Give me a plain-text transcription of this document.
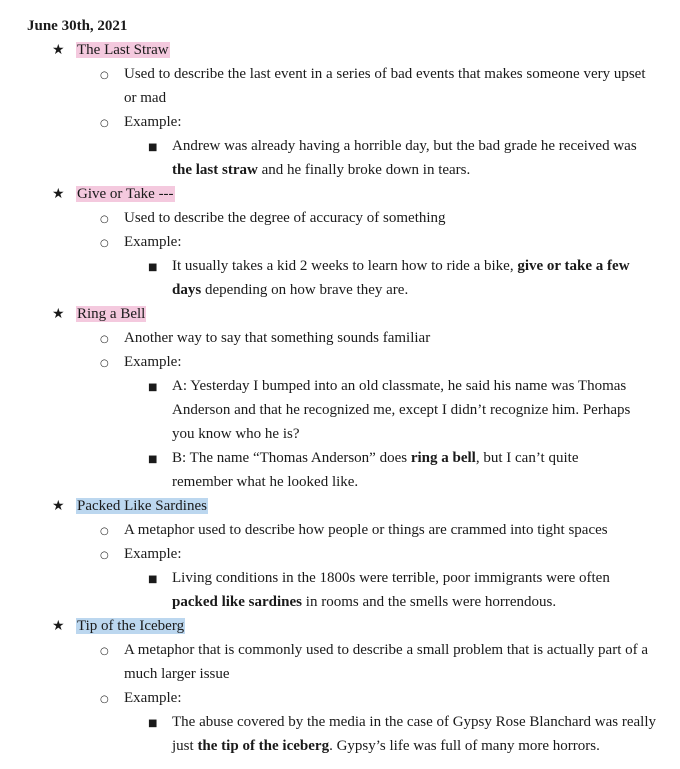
June 30th, 2021
★ The Last Straw
○ Used to describe the last event in a series of bad events that makes someone very upset
or mad
○ Example:
■ Andrew was already having a horrible day, but the bad grade he received was
the last straw and he finally broke down in tears.
★ Give or Take ---
○ Used to describe the degree of accuracy of something
○ Example:
■ It usually takes a kid 2 weeks to learn how to ride a bike, give or take a few
days depending on how brave they are.
★ Ring a Bell
○ Another way to say that something sounds familiar
○ Example:
■ A: Yesterday I bumped into an old classmate, he said his name was Thomas
Anderson and that he recognized me, except I didn’t recognize him. Perhaps
you know who he is?
■ B: The name “Thomas Anderson” does ring a bell, but I can’t quite
remember what he looked like.
★ Packed Like Sardines
○ A metaphor used to describe how people or things are crammed into tight spaces
○ Example:
■ Living conditions in the 1800s were terrible, poor immigrants were often
packed like sardines in rooms and the smells were horrendous.
★ Tip of the Iceberg
○ A metaphor that is commonly used to describe a small problem that is actually part of a
much larger issue
○ Example:
■ The abuse covered by the media in the case of Gypsy Rose Blanchard was really
just the tip of the iceberg. Gypsy’s life was full of many more horrors.
